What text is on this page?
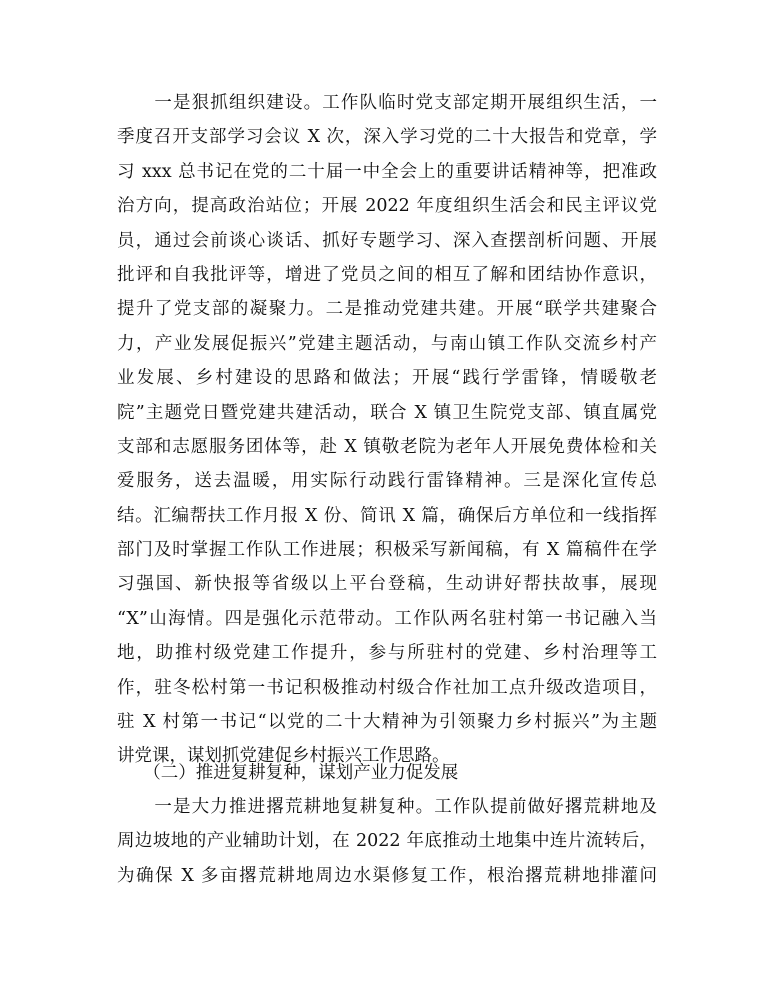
　　一是狠抓组织建设。工作队临时党支部定期开展组织生活，一
季度召开支部学习会议 X 次，深入学习党的二十大报告和党章，学
习 xxx 总书记在党的二十届一中全会上的重要讲话精神等，把准政
治方向，提高政治站位；开展 2022 年度组织生活会和民主评议党
员，通过会前谈心谈话、抓好专题学习、深入查摆剖析问题、开展
批评和自我批评等，增进了党员之间的相互了解和团结协作意识，
提升了党支部的凝聚力。二是推动党建共建。开展“联学共建聚合
力，产业发展促振兴”党建主题活动，与南山镇工作队交流乡村产
业发展、乡村建设的思路和做法；开展“践行学雷锋，情暖敬老
院”主题党日暨党建共建活动，联合 X 镇卫生院党支部、镇直属党
支部和志愿服务团体等，赴 X 镇敬老院为老年人开展免费体检和关
爱服务，送去温暖，用实际行动践行雷锋精神。三是深化宣传总
结。汇编帮扶工作月报 X 份、简讯 X 篇，确保后方单位和一线指挥
部门及时掌握工作队工作进展；积极采写新闻稿，有 X 篇稿件在学
习强国、新快报等省级以上平台登稿，生动讲好帮扶故事，展现
“X”山海情。四是强化示范带动。工作队两名驻村第一书记融入当
地，助推村级党建工作提升，参与所驻村的党建、乡村治理等工
作，驻冬松村第一书记积极推动村级合作社加工点升级改造项目，
驻 X 村第一书记“以党的二十大精神为引领聚力乡村振兴”为主题
讲党课，谋划抓党建促乡村振兴工作思路。
　　（二）推进复耕复种，谋划产业力促发展
　　一是大力推进撂荒耕地复耕复种。工作队提前做好撂荒耕地及
周边坡地的产业辅助计划，在 2022 年底推动土地集中连片流转后，
为确保 X 多亩撂荒耕地周边水渠修复工作，根治撂荒耕地排灌问
